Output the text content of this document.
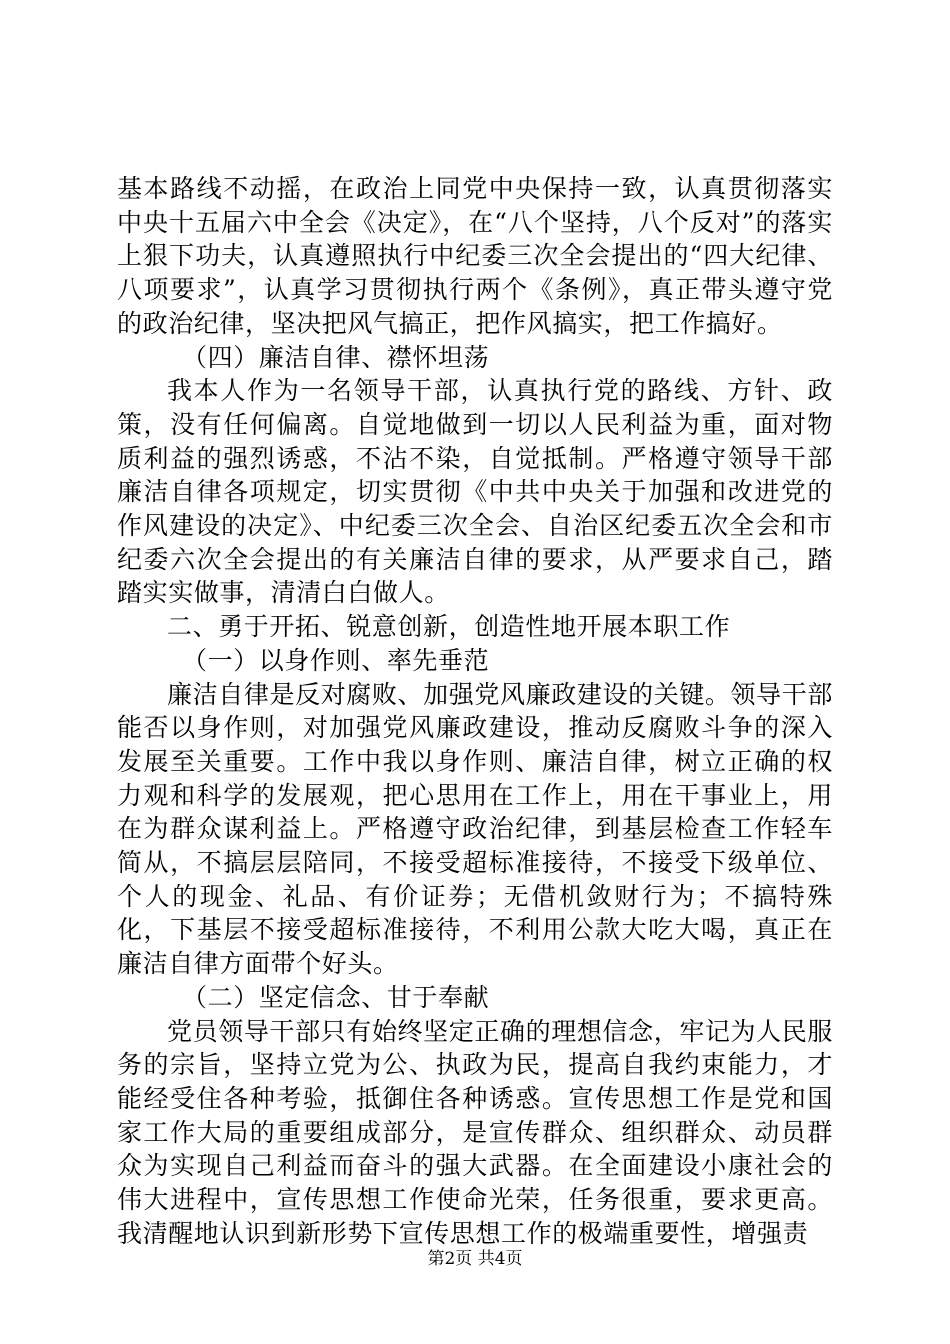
基本路线不动摇，在政治上同党中央保持一致，认真贯彻落实中央十五届六中全会《决定》，在“八个坚持，八个反对”的落实上狠下功夫，认真遵照执行中纪委三次全会提出的“四大纪律、八项要求”，认真学习贯彻执行两个《条例》，真正带头遵守党的政治纪律，坚决把风气搞正，把作风搞实，把工作搞好。

（四）廉洁自律、襟怀坦荡

我本人作为一名领导干部，认真执行党的路线、方针、政策，没有任何偏离。自觉地做到一切以人民利益为重，面对物质利益的强烈诱惑，不沾不染，自觉抵制。严格遵守领导干部廉洁自律各项规定，切实贯彻《中共中央关于加强和改进党的作风建设的决定》、中纪委三次全会、自治区纪委五次全会和市纪委六次全会提出的有关廉洁自律的要求，从严要求自己，踏踏实实做事，清清白白做人。

二、勇于开拓、锐意创新，创造性地开展本职工作

（一）以身作则、率先垂范

廉洁自律是反对腐败、加强党风廉政建设的关键。领导干部能否以身作则，对加强党风廉政建设，推动反腐败斗争的深入发展至关重要。工作中我以身作则、廉洁自律，树立正确的权力观和科学的发展观，把心思用在工作上，用在干事业上，用在为群众谋利益上。严格遵守政治纪律，到基层检查工作轻车简从，不搞层层陪同，不接受超标准接待，不接受下级单位、个人的现金、礼品、有价证券；无借机敛财行为；不搞特殊化，下基层不接受超标准接待，不利用公款大吃大喝，真正在廉洁自律方面带个好头。

（二）坚定信念、甘于奉献

党员领导干部只有始终坚定正确的理想信念，牢记为人民服务的宗旨，坚持立党为公、执政为民，提高自我约束能力，才能经受住各种考验，抵御住各种诱惑。宣传思想工作是党和国家工作大局的重要组成部分，是宣传群众、组织群众、动员群众为实现自己利益而奋斗的强大武器。在全面建设小康社会的伟大进程中，宣传思想工作使命光荣，任务很重，要求更高。我清醒地认识到新形势下宣传思想工作的极端重要性，增强责

第2页 共4页
